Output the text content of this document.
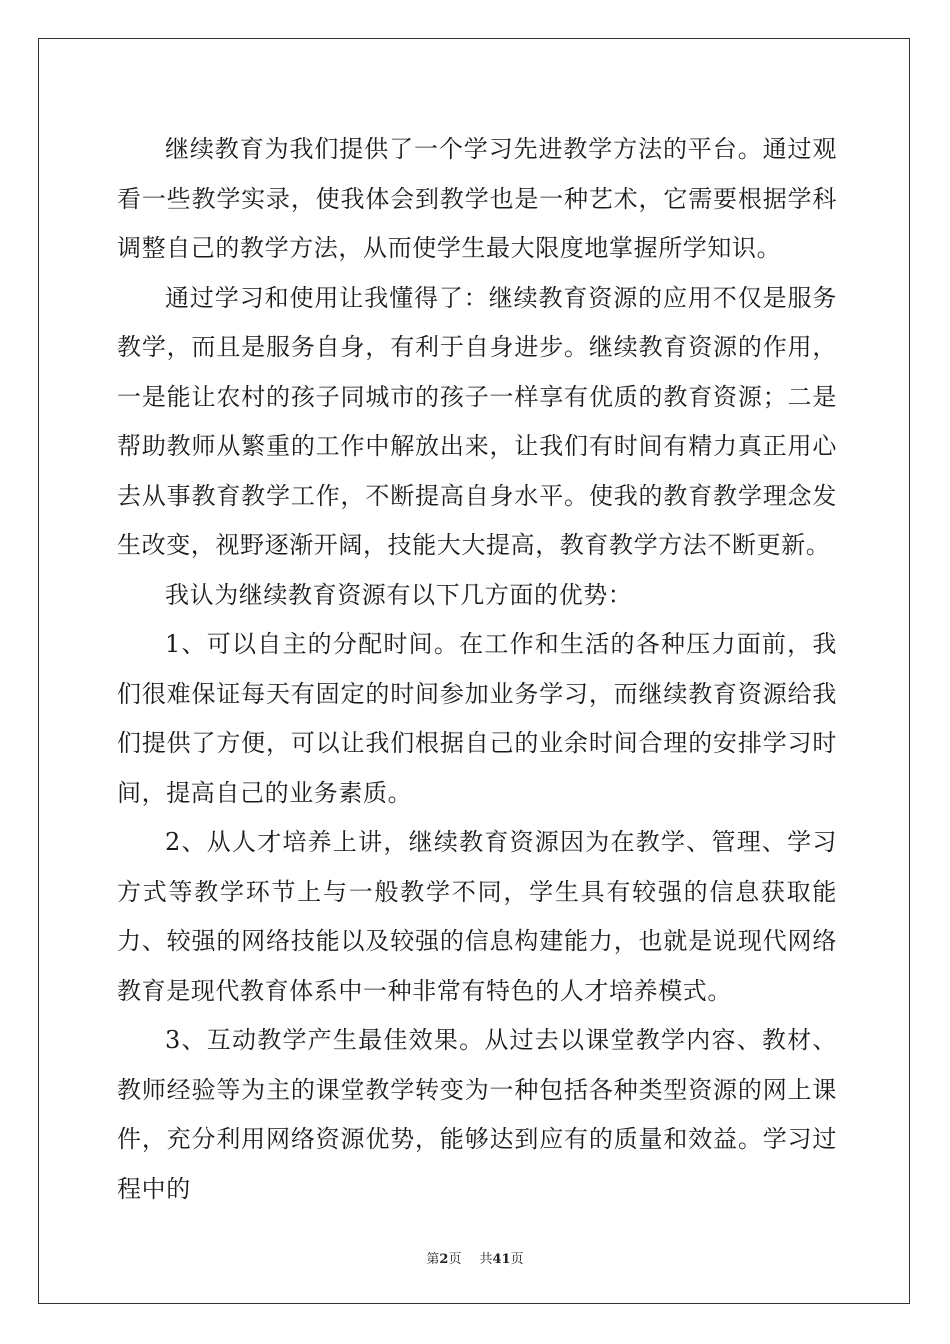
继续教育为我们提供了一个学习先进教学方法的平台。通过观看一些教学实录，使我体会到教学也是一种艺术，它需要根据学科调整自己的教学方法，从而使学生最大限度地掌握所学知识。

通过学习和使用让我懂得了：继续教育资源的应用不仅是服务教学，而且是服务自身，有利于自身进步。继续教育资源的作用，一是能让农村的孩子同城市的孩子一样享有优质的教育资源；二是帮助教师从繁重的工作中解放出来，让我们有时间有精力真正用心去从事教育教学工作，不断提高自身水平。使我的教育教学理念发生改变，视野逐渐开阔，技能大大提高，教育教学方法不断更新。

我认为继续教育资源有以下几方面的优势：

1、可以自主的分配时间。在工作和生活的各种压力面前，我们很难保证每天有固定的时间参加业务学习，而继续教育资源给我们提供了方便，可以让我们根据自己的业余时间合理的安排学习时间，提高自己的业务素质。

2、从人才培养上讲，继续教育资源因为在教学、管理、学习方式等教学环节上与一般教学不同，学生具有较强的信息获取能力、较强的网络技能以及较强的信息构建能力，也就是说现代网络教育是现代教育体系中一种非常有特色的人才培养模式。

3、互动教学产生最佳效果。从过去以课堂教学内容、教材、教师经验等为主的课堂教学转变为一种包括各种类型资源的网上课件，充分利用网络资源优势，能够达到应有的质量和效益。学习过程中的

第2页 共41页
